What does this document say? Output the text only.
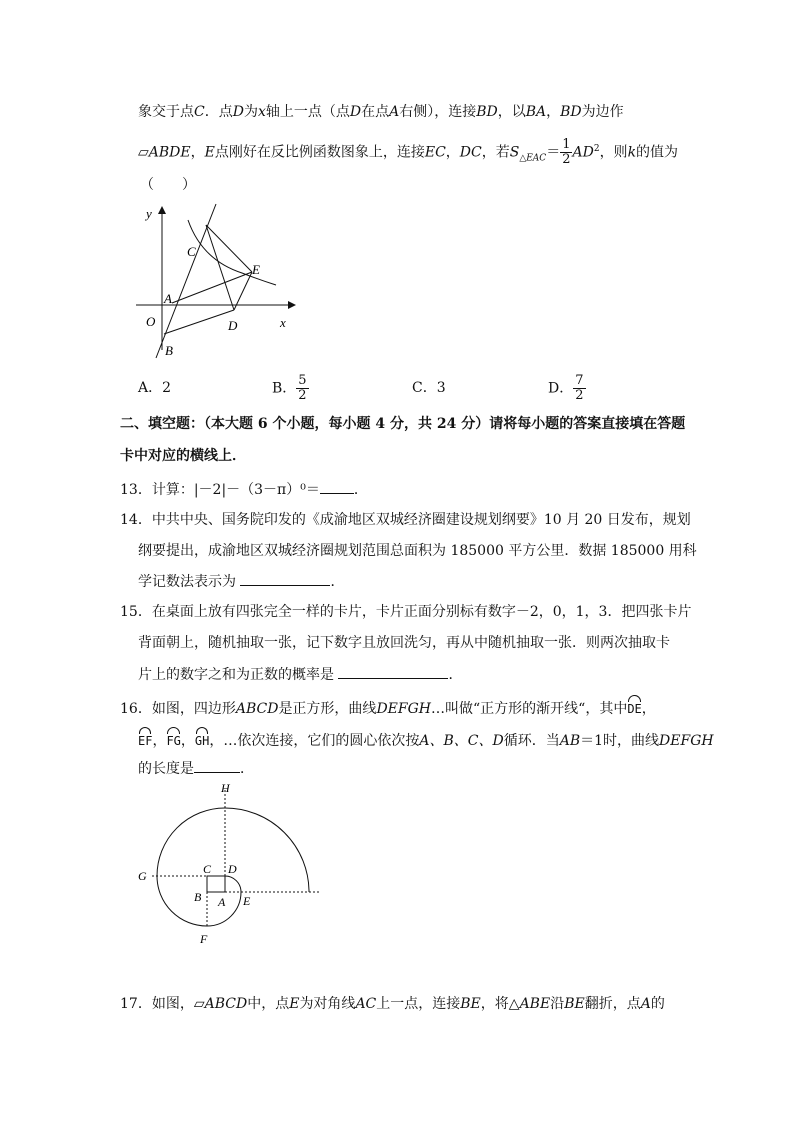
象交于点C．点D为x轴上一点（点D在点A右侧），连接BD，以BA，BD为边作
▱ABDE，E点刚好在反比例函数图象上，连接EC，DC，若$S_{\triangle EAC}= \frac{1}{2} AD^2$，则k的值为
（　　）
y
x
O
A
B
C
D
E
A．2	B． $\frac{5}{2}$	C．3	D． $\frac{7}{2}$
二、填空题：（本大题 6 个小题，每小题 4 分，共 24 分）请将每小题的答案直接填在答题
卡中对应的横线上．
13．计算：|－2|－（3－π）⁰＝ ．
14．中共中央、国务院印发的《成渝地区双城经济圈建设规划纲要》10 月 20 日发布，规划
纲要提出，成渝地区双城经济圈规划范围总面积为 185000 平方公里．数据 185000 用科
学记数法表示为	．
15．在桌面上放有四张完全一样的卡片，卡片正面分别标有数字－2，0，1，3．把四张卡片
背面朝上，随机抽取一张，记下数字且放回洗匀，再从中随机抽取一张．则两次抽取卡
片上的数字之和为正数的概率是	．
16．如图，四边形ABCD是正方形，曲线DEFGH…叫做“正方形的渐开线“，其中DE，
EF，FG，GH，…依次连接，它们的圆心依次按A、B、C、D循环．当AB＝1时，曲线DEFGH
的长度是	．
H
G	C D
B A E
F
17．如图，▱ABCD中，点E为对角线AC上一点，连接BE，将△ABE沿BE翻折，点A的
